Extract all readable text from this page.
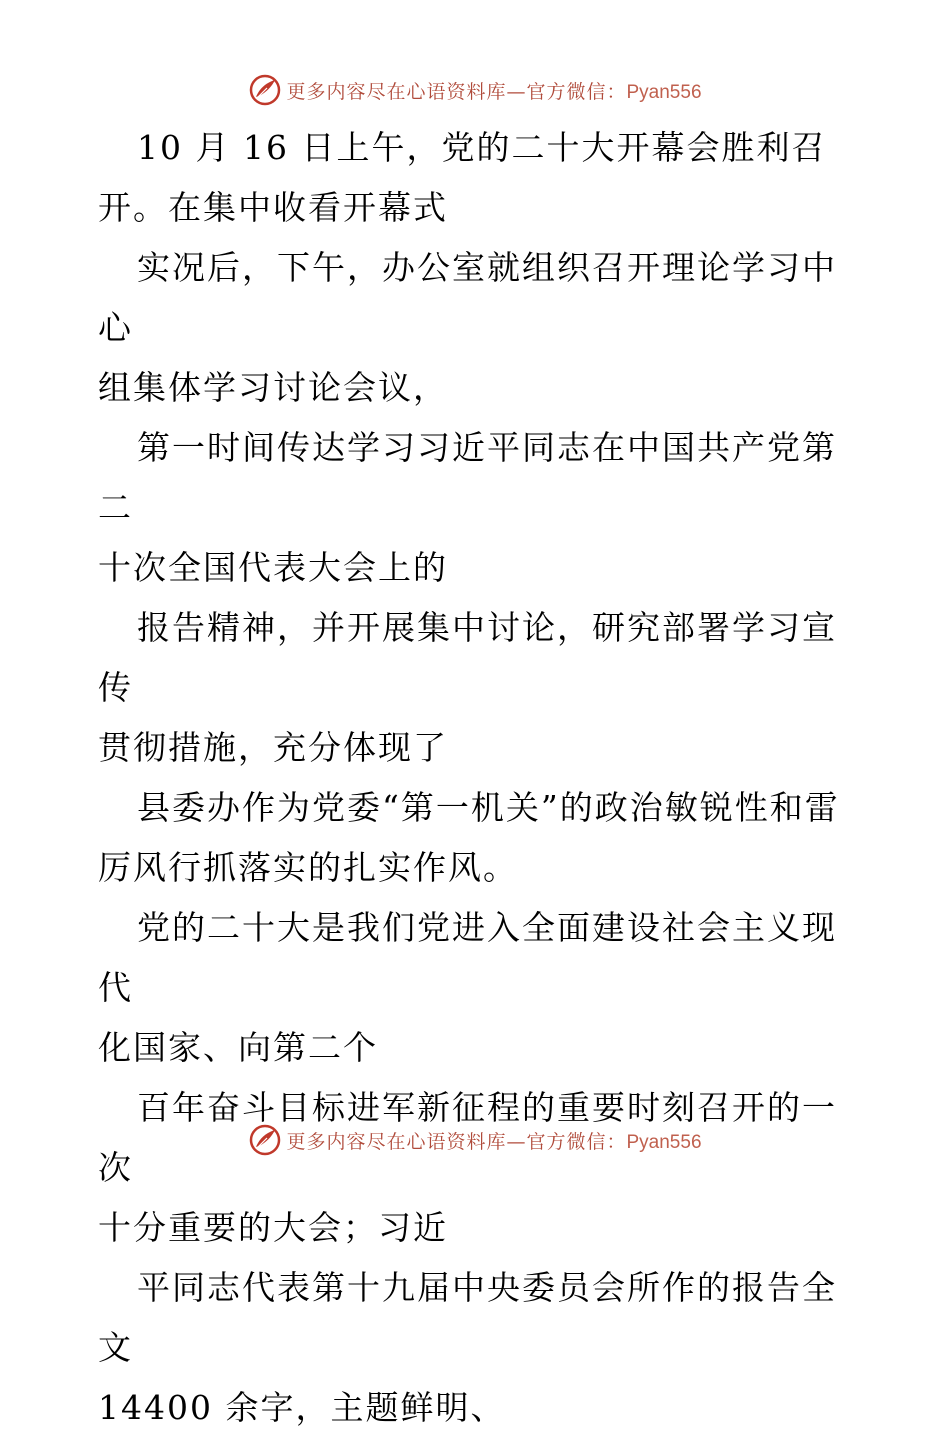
更多内容尽在心语资料库—官方微信：Pyan556

10 月 16 日上午，党的二十大开幕会胜利召
开。在集中收看开幕式

实况后，下午，办公室就组织召开理论学习中心
组集体学习讨论会议，

第一时间传达学习习近平同志在中国共产党第二
十次全国代表大会上的

报告精神，并开展集中讨论，研究部署学习宣传
贯彻措施，充分体现了

县委办作为党委“第一机关”的政治敏锐性和雷
厉风行抓落实的扎实作风。

党的二十大是我们党进入全面建设社会主义现代
化国家、向第二个

百年奋斗目标进军新征程的重要时刻召开的一次
十分重要的大会；习近

平同志代表第十九届中央委员会所作的报告全文
14400 余字，主题鲜明、

更多内容尽在心语资料库—官方微信：Pyan556
